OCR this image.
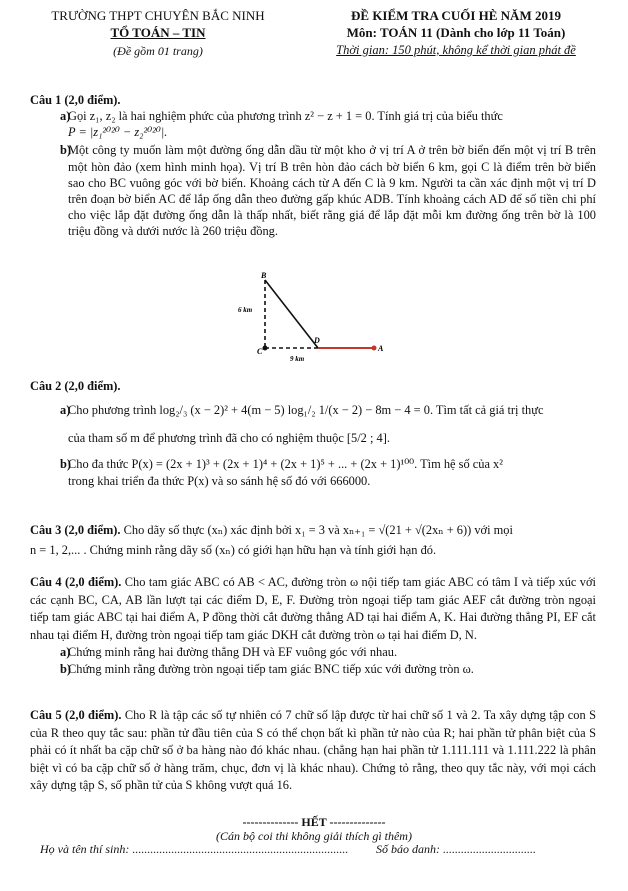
TRƯỜNG THPT CHUYÊN BẮC NINH
TỔ TOÁN – TIN
(Đề gồm 01 trang)
ĐỀ KIỂM TRA CUỐI HÈ NĂM 2019
Môn: TOÁN 11 (Dành cho lớp 11 Toán)
Thời gian: 150 phút, không kể thời gian phát đề
Câu 1 (2,0 điểm).
a)
Gọi z₁, z₂ là hai nghiệm phức của phương trình z² − z + 1 = 0. Tính giá trị của biểu thức
P = |z₁²⁰²⁰ − z₂²⁰²⁰|.
b)
Một công ty muốn làm một đường ống dẫn dầu từ một kho ở vị trí A ở trên bờ biển đến một vị trí B trên một hòn đảo (xem hình minh họa). Vị trí B trên hòn đảo cách bờ biển 6 km, gọi C là điểm trên bờ biển sao cho BC vuông góc với bờ biển. Khoảng cách từ A đến C là 9 km. Người ta cần xác định một vị trí D trên đoạn bờ biển AC để lắp ống dẫn theo đường gấp khúc ADB. Tính khoảng cách AD để số tiền chi phí cho việc lắp đặt đường ống dẫn là thấp nhất, biết rằng giá để lắp đặt mỗi km đường ống trên bờ là 100 triệu đồng và dưới nước là 260 triệu đồng.
B
C
D
A
6 km
9 km
Câu 2 (2,0 điểm).
a)
Cho phương trình log₂/₃ (x − 2)² + 4(m − 5) log₁/₂ 1/(x − 2) − 8m − 4 = 0. Tìm tất cả giá trị thực
của tham số m để phương trình đã cho có nghiệm thuộc [5/2 ; 4].
b)
Cho đa thức P(x) = (2x + 1)³ + (2x + 1)⁴ + (2x + 1)⁵ + ... + (2x + 1)¹⁰⁰. Tìm hệ số của x²
trong khai triển đa thức P(x) và so sánh hệ số đó với 666000.
Câu 3 (2,0 điểm). Cho dãy số thực (xₙ) xác định bởi x₁ = 3 và xₙ₊₁ = √(21 + √(2xₙ + 6)) với mọi
n = 1, 2,... . Chứng minh rằng dãy số (xₙ) có giới hạn hữu hạn và tính giới hạn đó.
Câu 4 (2,0 điểm). Cho tam giác ABC có AB < AC, đường tròn ω nội tiếp tam giác ABC có tâm I và tiếp xúc với các cạnh BC, CA, AB lần lượt tại các điểm D, E, F. Đường tròn ngoại tiếp tam giác AEF cắt đường tròn ngoại tiếp tam giác ABC tại hai điểm A, P đồng thời cắt đường thẳng AD tại hai điểm A, K. Hai đường thẳng PI, EF cắt nhau tại điểm H, đường tròn ngoại tiếp tam giác DKH cắt đường tròn ω tại hai điểm D, N.
a)
Chứng minh rằng hai đường thẳng DH và EF vuông góc với nhau.
b)
Chứng minh rằng đường tròn ngoại tiếp tam giác BNC tiếp xúc với đường tròn ω.
Câu 5 (2,0 điểm). Cho R là tập các số tự nhiên có 7 chữ số lập được từ hai chữ số 1 và 2. Ta xây dựng tập con S của R theo quy tắc sau: phần tử đầu tiên của S có thể chọn bất kì phần tử nào của R; hai phần tử phân biệt của S phải có ít nhất ba cặp chữ số ở ba hàng nào đó khác nhau. (chẳng hạn hai phần tử 1.111.111 và 1.111.222 là phân biệt vì có ba cặp chữ số ở hàng trăm, chục, đơn vị là khác nhau). Chứng tỏ rằng, theo quy tắc này, với mọi cách xây dựng tập S, số phần tử của S không vượt quá 16.
-------------- HẾT --------------
(Cán bộ coi thi không giải thích gì thêm)
Họ và tên thí sinh: ........................................................................ Số báo danh: ...............................
